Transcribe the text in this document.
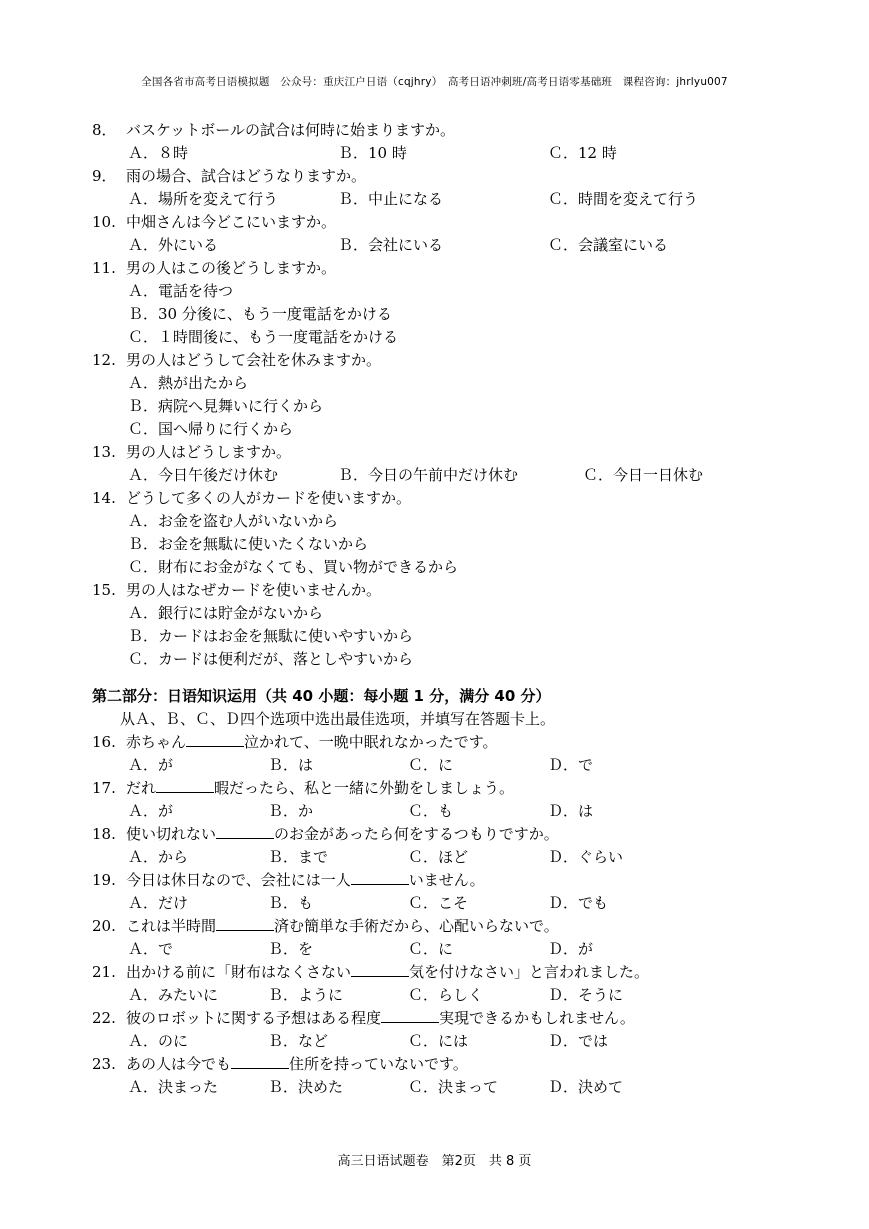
全国各省市高考日语模拟题　公众号：重庆江户日语（cqjhry）　高考日语冲刺班/高考日语零基础班　课程咨询：jhrlyu007
8． バスケットボールの試合は何時に始まりますか。
Ａ．８時	Ｂ．10 時	Ｃ．12 時
9． 雨の場合、試合はどうなりますか。
Ａ．場所を変えて行う	Ｂ．中止になる	Ｃ．時間を変えて行う
10. 中畑さんは今どこにいますか。
Ａ．外にいる	Ｂ．会社にいる	Ｃ．会議室にいる
11. 男の人はこの後どうしますか。
Ａ．電話を待つ
Ｂ．30 分後に、もう一度電話をかける
Ｃ．１時間後に、もう一度電話をかける
12. 男の人はどうして会社を休みますか。
Ａ．熱が出たから
Ｂ．病院へ見舞いに行くから
Ｃ．国へ帰りに行くから
13. 男の人はどうしますか。
Ａ．今日午後だけ休む	Ｂ．今日の午前中だけ休む	Ｃ．今日一日休む
14. どうして多くの人がカードを使いますか。
Ａ．お金を盗む人がいないから
Ｂ．お金を無駄に使いたくないから
Ｃ．財布にお金がなくても、買い物ができるから
15. 男の人はなぜカードを使いませんか。
Ａ．銀行には貯金がないから
Ｂ．カードはお金を無駄に使いやすいから
Ｃ．カードは便利だが、落としやすいから
第二部分：日语知识运用（共 40 小题：每小题 1 分，满分 40 分）
从Ａ、Ｂ、Ｃ、Ｄ四个选项中选出最佳选项，并填写在答题卡上。
16. 赤ちゃん	泣かれて、一晩中眠れなかったです。
Ａ．が	Ｂ．は	Ｃ．に	Ｄ．で
17. だれ	暇だったら、私と一緒に外勤をしましょう。
Ａ．が	Ｂ．か	Ｃ．も	Ｄ．は
18. 使い切れない	のお金があったら何をするつもりですか。
Ａ．から	Ｂ．まで	Ｃ．ほど	Ｄ．ぐらい
19. 今日は休日なので、会社には一人	いません。
Ａ．だけ	Ｂ．も	Ｃ．こそ	Ｄ．でも
20. これは半時間	済む簡単な手術だから、心配いらないで。
Ａ．で	Ｂ．を	Ｃ．に	Ｄ．が
21. 出かける前に「財布はなくさない	気を付けなさい」と言われました。
Ａ．みたいに	Ｂ．ように	Ｃ．らしく	Ｄ．そうに
22. 彼のロボットに関する予想はある程度	実現できるかもしれません。
Ａ．のに	Ｂ．など	Ｃ．には	Ｄ．では
23. あの人は今でも	住所を持っていないです。
Ａ．決まった	Ｂ．決めた	Ｃ．決まって	Ｄ．決めて
高三日语试题卷　第2页　共 8 页
